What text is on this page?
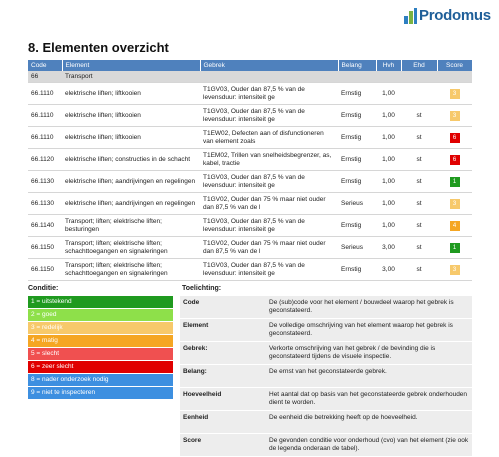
Prodomus
8. Elementen overzicht
Code	Element	Gebrek	Belang	Hvh	Ehd	Score
66	Transport					
66.1110	elektrische liften; liftkooien	T1GV03, Ouder dan 87,5 % van de levensduur: intensiteit ge	Ernstig	1,00		3
66.1110	elektrische liften; liftkooien	T1GV03, Ouder dan 87,5 % van de levensduur: intensiteit ge	Ernstig	1,00	st	3
66.1110	elektrische liften; liftkooien	T1EW02, Defecten aan of disfunctioneren van element zoals	Ernstig	1,00	st	6
66.1120	elektrische liften; constructies in de schacht	T1EM02, Trillen van snelheidsbegrenzer, as, kabel, tractie	Ernstig	1,00	st	6
66.1130	elektrische liften; aandrijvingen en regelingen	T1GV03, Ouder dan 87,5 % van de levensduur: intensiteit ge	Ernstig	1,00	st	1
66.1130	elektrische liften; aandrijvingen en regelingen	T1GV02, Ouder dan 75 % maar niet ouder dan 87,5 % van de l	Serieus	1,00	st	3
66.1140	Transport; liften; elektrische liften; besturingen	T1GV03, Ouder dan 87,5 % van de levensduur: intensiteit ge	Ernstig	1,00	st	4
66.1150	Transport; liften; elektrische liften; schachttoegangen en signaleringen	T1GV02, Ouder dan 75 % maar niet ouder dan 87,5 % van de l	Serieus	3,00	st	1
66.1150	Transport; liften; elektrische liften; schachttoegangen en signaleringen	T1GV03, Ouder dan 87,5 % van de levensduur: intensiteit ge	Ernstig	3,00	st	3
Conditie:
1 = uitstekend
2 = goed
3 = redelijk
4 = matig
5 = slecht
6 = zeer slecht
8 = nader onderzoek nodig
9 = niet te inspecteren
Toelichting:
Code	De (sub)code voor het element / bouwdeel waarop het gebrek is geconstateerd.
Element	De volledige omschrijving van het element waarop het gebrek is geconstateerd.
Gebrek:	Verkorte omschrijving van het gebrek / de bevinding die is geconstateerd tijdens de visuele inspectie.
Belang:	De ernst van het geconstateerde gebrek.
Hoeveelheid	Het aantal dat op basis van het geconstateerde gebrek onderhouden dient te worden.
Eenheid	De eenheid die betrekking heeft op de hoeveelheid.
Score	De gevonden conditie voor onderhoud (cvo) van het element (zie ook de legenda onderaan de tabel).
